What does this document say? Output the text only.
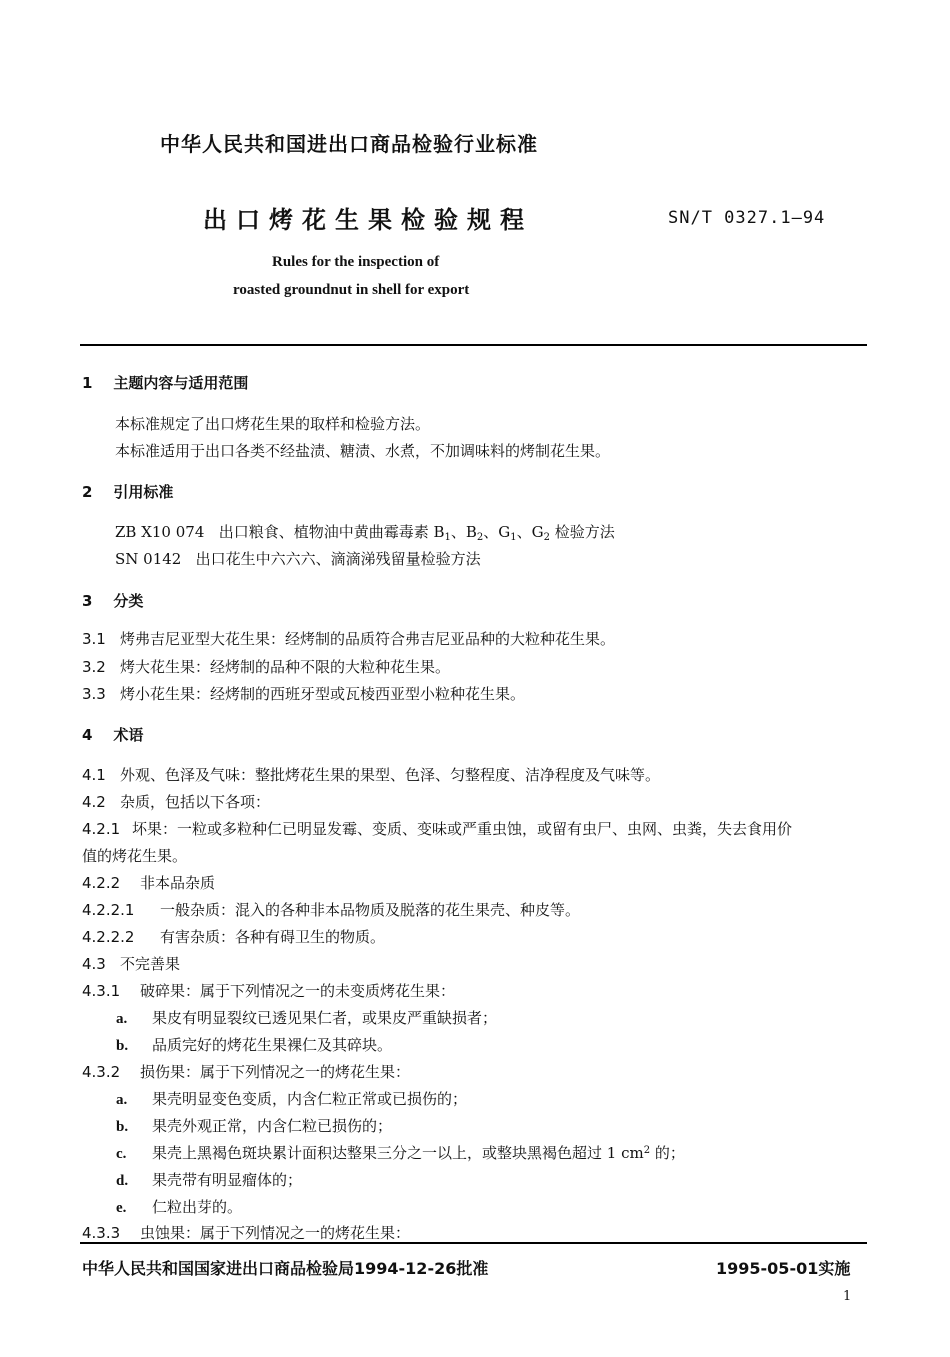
中华人民共和国进出口商品检验行业标准
出口烤花生果检验规程	SN/T 0327.1—94
Rules for the inspection of
roasted groundnut in shell for export
1 主题内容与适用范围
本标准规定了出口烤花生果的取样和检验方法。
本标准适用于出口各类不经盐渍、糖渍、水煮，不加调味料的烤制花生果。
2 引用标准
ZB X10 074 出口粮食、植物油中黄曲霉毒素 $B_1$、$B_2$、$G_1$、$G_2$ 检验方法
SN 0142 出口花生中六六六、滴滴涕残留量检验方法
3 分类
3.1 烤弗吉尼亚型大花生果：经烤制的品质符合弗吉尼亚品种的大粒种花生果。
3.2 烤大花生果：经烤制的品种不限的大粒种花生果。
3.3 烤小花生果：经烤制的西班牙型或瓦棱西亚型小粒种花生果。
4 术语
4.1 外观、色泽及气味：整批烤花生果的果型、色泽、匀整程度、洁净程度及气味等。
4.2 杂质，包括以下各项：
4.2.1 坏果：一粒或多粒种仁已明显发霉、变质、变味或严重虫蚀，或留有虫尸、虫网、虫粪，失去食用价
值的烤花生果。
4.2.2 非本品杂质
4.2.2.1 一般杂质：混入的各种非本品物质及脱落的花生果壳、种皮等。
4.2.2.2 有害杂质：各种有碍卫生的物质。
4.3 不完善果
4.3.1 破碎果：属于下列情况之一的未变质烤花生果：
a. 果皮有明显裂纹已透见果仁者，或果皮严重缺损者；
b. 品质完好的烤花生果裸仁及其碎块。
4.3.2 损伤果：属于下列情况之一的烤花生果：
a. 果壳明显变色变质，内含仁粒正常或已损伤的；
b. 果壳外观正常，内含仁粒已损伤的；
c. 果壳上黑褐色斑块累计面积达整果三分之一以上，或整块黑褐色超过 1 $cm^2$ 的；
d. 果壳带有明显瘤体的；
e. 仁粒出芽的。
4.3.3 虫蚀果：属于下列情况之一的烤花生果：
中华人民共和国国家进出口商品检验局1994-12-26批准	1995-05-01实施
1
